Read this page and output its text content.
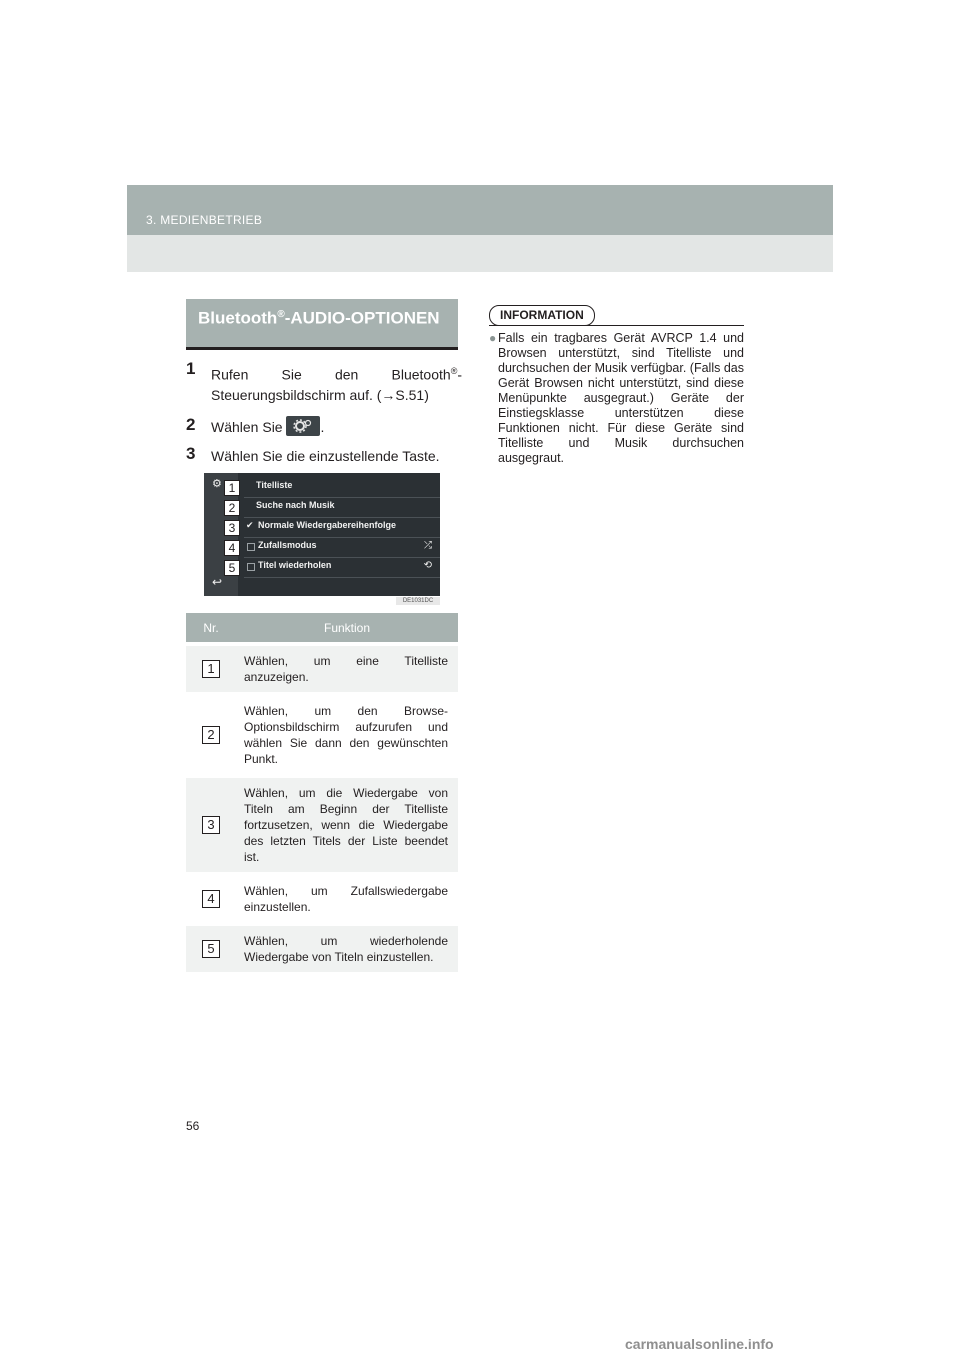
3. MEDIENBETRIEB
Bluetooth®-AUDIO-OPTIONEN
1 Rufen Sie den Bluetooth®-Steuerungsbildschirm auf. (→S.51)
2 Wählen Sie	.
3 Wählen Sie die einzustellende Taste.
⚙	Titelliste
Suche nach Musik
✔ Normale Wiedergabereihenfolge
Zufallsmodus	⤮
Titel wiederholen	⟲
↩
1
2
3
4
5
DE1031DC
Nr.	Funktion
1	Wählen, um eine Titelliste anzuzeigen.
2	Wählen, um den Browse-Optionsbildschirm aufzurufen und wählen Sie dann den gewünschten Punkt.
3	Wählen, um die Wiedergabe von Titeln am Beginn der Titelliste fortzusetzen, wenn die Wiedergabe des letzten Titels der Liste beendet ist.
4	Wählen, um Zufallswiedergabe einzustellen.
5	Wählen, um wiederholende Wiedergabe von Titeln einzustellen.
INFORMATION
● Falls ein tragbares Gerät AVRCP 1.4 und Browsen unterstützt, sind Titelliste und durchsuchen der Musik verfügbar. (Falls das Gerät Browsen nicht unterstützt, sind diese Menüpunkte ausgegraut.) Geräte der Einstiegsklasse unterstützen diese Funktionen nicht. Für diese Geräte sind Titelliste und Musik durchsuchen ausgegraut.
56
carmanualsonline.info
